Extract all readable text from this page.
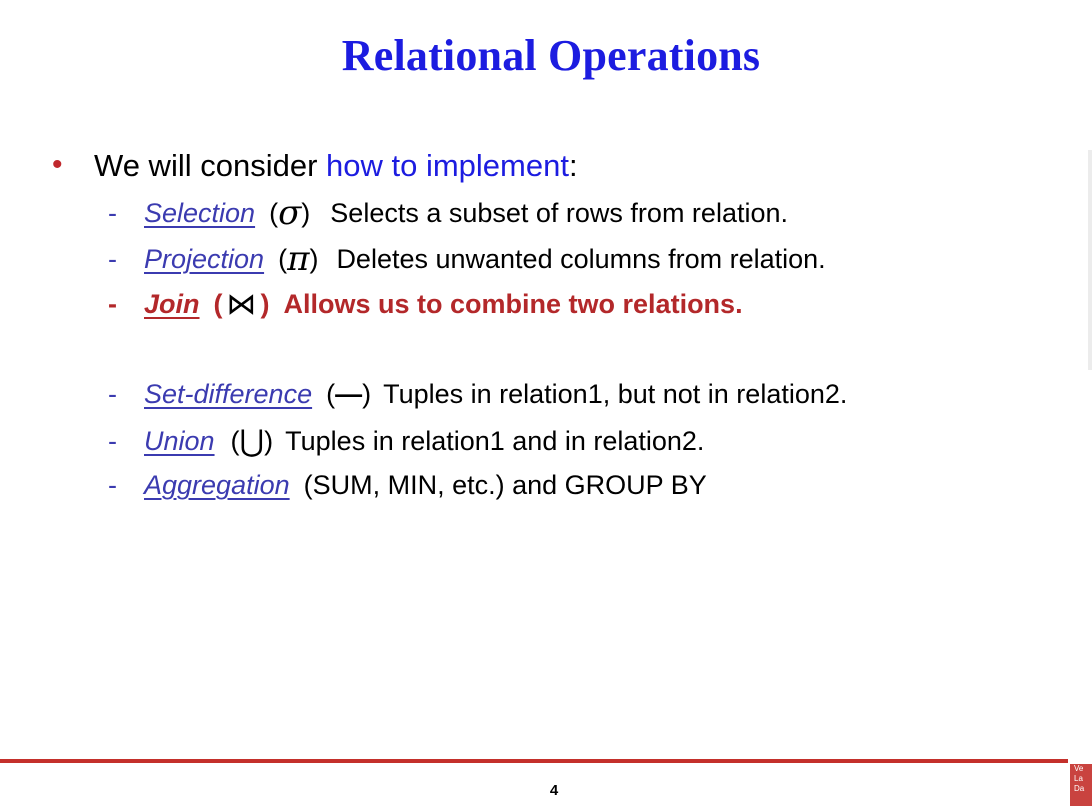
Relational Operations
• We will consider how to implement:
-	Selection ( σ ) Selects a subset of rows from relation.
-	Projection ( π ) Deletes unwanted columns from relation.
-	Join ( ⋈ ) Allows us to combine two relations.
-	Set-difference ( — ) Tuples in relation1, but not in relation2.
-	Union ( ⋃ ) Tuples in relation1 and in relation2.
-	Aggregation (SUM, MIN, etc.) and GROUP BY
4
Ve
La
Da
